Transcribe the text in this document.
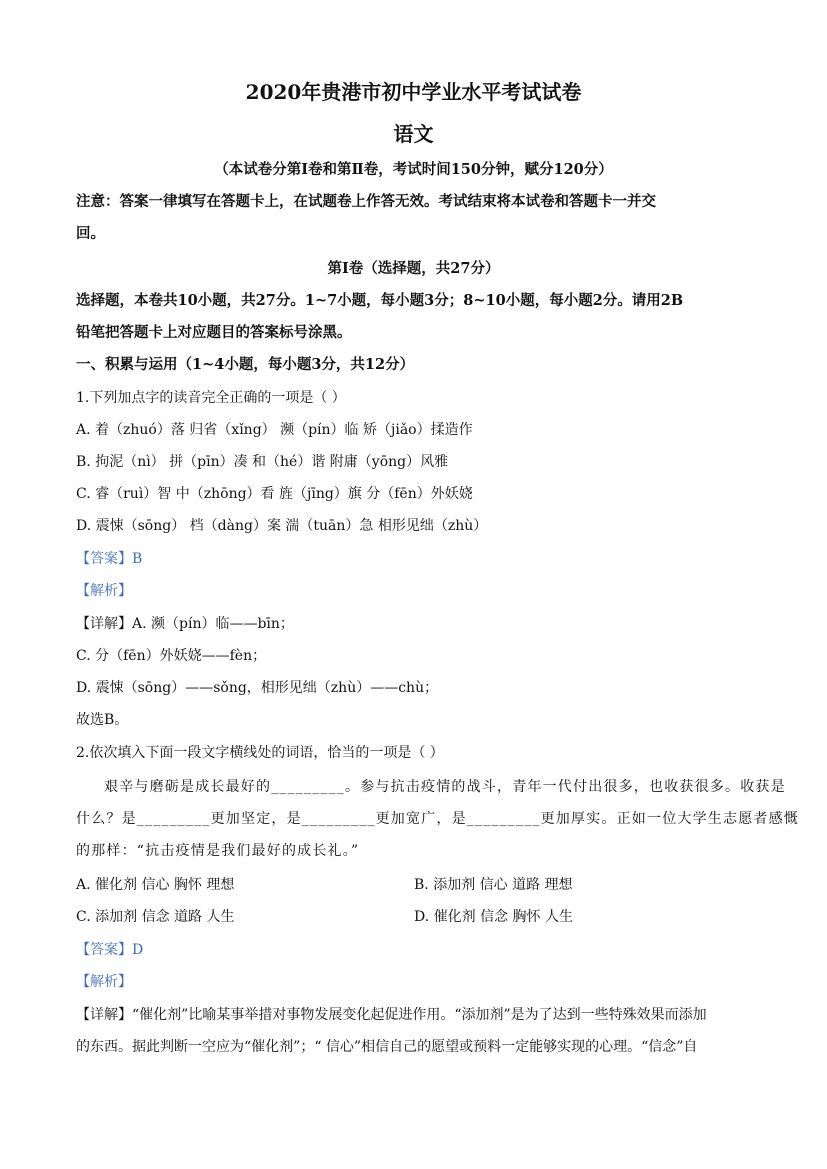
2020年贵港市初中学业水平考试试卷
语文
（本试卷分第Ⅰ卷和第Ⅱ卷，考试时间150分钟，赋分120分）
注意：答案一律填写在答题卡上，在试题卷上作答无效。考试结束将本试卷和答题卡一并交
回。
第Ⅰ卷（选择题，共27分）
选择题，本卷共10小题，共27分。1~7小题，每小题3分；8~10小题，每小题2分。请用2B
铅笔把答题卡上对应题目的答案标号涂黑。
一、积累与运用（1~4小题，每小题3分，共12分）
1.下列加点字的读音完全正确的一项是（ ）
A. 着（zhuó）落 归省（xǐng） 濒（pín）临 矫（jiǎo）揉造作
B. 拘泥（nì） 拼（pīn）凑 和（hé）谐 附庸（yōng）风雅
C. 睿（ruì）智 中（zhōng）看 旌（jīng）旗 分（fēn）外妖娆
D. 震悚（sōng） 档（dàng）案 湍（tuān）急 相形见绌（zhù）
【答案】B
【解析】
【详解】A. 濒（pín）临——bīn；
C. 分（fēn）外妖娆——fèn；
D. 震悚（sōng）——sǒng，相形见绌（zhù）——chù；
故选B。
2.依次填入下面一段文字横线处的词语，恰当的一项是（ ）
艰辛与磨砺是成长最好的_________。参与抗击疫情的战斗，青年一代付出很多，也收获很多。收获是
什么？是_________更加坚定，是_________更加宽广，是_________更加厚实。正如一位大学生志愿者感慨
的那样：“抗击疫情是我们最好的成长礼。”
A. 催化剂 信心 胸怀 理想	B. 添加剂 信心 道路 理想
C. 添加剂 信念 道路 人生	D. 催化剂 信念 胸怀 人生
【答案】D
【解析】
【详解】“催化剂”比喻某事举措对事物发展变化起促进作用。“添加剂”是为了达到一些特殊效果而添加
的东西。据此判断一空应为“催化剂”；“ 信心”相信自己的愿望或预料一定能够实现的心理。“信念”自
